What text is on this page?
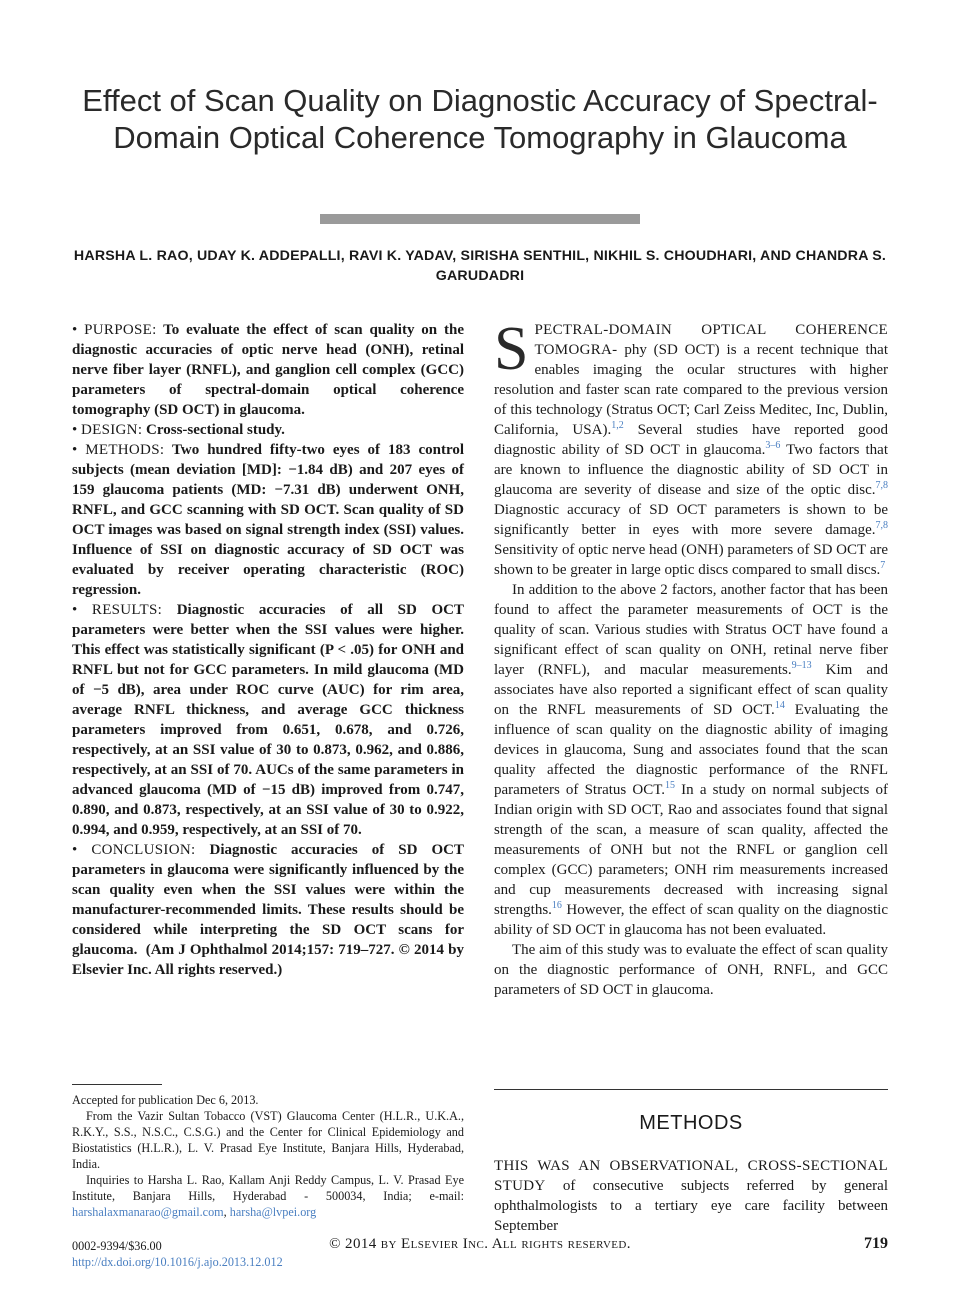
Effect of Scan Quality on Diagnostic Accuracy of Spectral-Domain Optical Coherence Tomography in Glaucoma
HARSHA L. RAO, UDAY K. ADDEPALLI, RAVI K. YADAV, SIRISHA SENTHIL, NIKHIL S. CHOUDHARI, AND CHANDRA S. GARUDADRI

• PURPOSE: To evaluate the effect of scan quality on the diagnostic accuracies of optic nerve head (ONH), retinal nerve fiber layer (RNFL), and ganglion cell complex (GCC) parameters of spectral-domain optical coherence tomography (SD OCT) in glaucoma.

• DESIGN: Cross-sectional study.

• METHODS: Two hundred fifty-two eyes of 183 control subjects (mean deviation [MD]: −1.84 dB) and 207 eyes of 159 glaucoma patients (MD: −7.31 dB) underwent ONH, RNFL, and GCC scanning with SD OCT. Scan quality of SD OCT images was based on signal strength index (SSI) values. Influence of SSI on diagnostic accuracy of SD OCT was evaluated by receiver operating characteristic (ROC) regression.

• RESULTS: Diagnostic accuracies of all SD OCT parameters were better when the SSI values were higher. This effect was statistically significant (P < .05) for ONH and RNFL but not for GCC parameters. In mild glaucoma (MD of −5 dB), area under ROC curve (AUC) for rim area, average RNFL thickness, and average GCC thickness parameters improved from 0.651, 0.678, and 0.726, respectively, at an SSI value of 30 to 0.873, 0.962, and 0.886, respectively, at an SSI of 70. AUCs of the same parameters in advanced glaucoma (MD of −15 dB) improved from 0.747, 0.890, and 0.873, respectively, at an SSI value of 30 to 0.922, 0.994, and 0.959, respectively, at an SSI of 70.

• CONCLUSION: Diagnostic accuracies of SD OCT parameters in glaucoma were significantly influenced by the scan quality even when the SSI values were within the manufacturer-recommended limits. These results should be considered while interpreting the SD OCT scans for glaucoma. (Am J Ophthalmol 2014;157: 719–727. © 2014 by Elsevier Inc. All rights reserved.)

SPECTRAL-DOMAIN OPTICAL COHERENCE TOMOGRA- phy (SD OCT) is a recent technique that enables imaging the ocular structures with higher resolution and faster scan rate compared to the previous version of this technology (Stratus OCT; Carl Zeiss Meditec, Inc, Dublin, California, USA).$^{1,2}$ Several studies have reported good diagnostic ability of SD OCT in glaucoma.$^{3-6}$ Two factors that are known to influence the diagnostic ability of SD OCT in glaucoma are severity of disease and size of the optic disc.$^{7,8}$ Diagnostic accuracy of SD OCT parameters is shown to be significantly better in eyes with more severe damage.$^{7,8}$ Sensitivity of optic nerve head (ONH) parameters of SD OCT are shown to be greater in large optic discs compared to small discs.$^7$

In addition to the above 2 factors, another factor that has been found to affect the parameter measurements of OCT is the quality of scan. Various studies with Stratus OCT have found a significant effect of scan quality on ONH, retinal nerve fiber layer (RNFL), and macular measurements.$^{9-13}$ Kim and associates have also reported a significant effect of scan quality on the RNFL measurements of SD OCT.$^{14}$ Evaluating the influence of scan quality on the diagnostic ability of imaging devices in glaucoma, Sung and associates found that the scan quality affected the diagnostic performance of the RNFL parameters of Stratus OCT.$^{15}$ In a study on normal subjects of Indian origin with SD OCT, Rao and associates found that signal strength of the scan, a measure of scan quality, affected the measurements of ONH but not the RNFL or ganglion cell complex (GCC) parameters; ONH rim measurements increased and cup measurements decreased with increasing signal strengths.$^{16}$ However, the effect of scan quality on the diagnostic ability of SD OCT in glaucoma has not been evaluated.

The aim of this study was to evaluate the effect of scan quality on the diagnostic performance of ONH, RNFL, and GCC parameters of SD OCT in glaucoma.

METHODS

THIS WAS AN OBSERVATIONAL, CROSS-SECTIONAL STUDY of consecutive subjects referred by general ophthalmologists to a tertiary eye care facility between September

Accepted for publication Dec 6, 2013.

From the Vazir Sultan Tobacco (VST) Glaucoma Center (H.L.R., U.K.A., R.K.Y., S.S., N.S.C., C.S.G.) and the Center for Clinical Epidemiology and Biostatistics (H.L.R.), L. V. Prasad Eye Institute, Banjara Hills, Hyderabad, India.

Inquiries to Harsha L. Rao, Kallam Anji Reddy Campus, L. V. Prasad Eye Institute, Banjara Hills, Hyderabad - 500034, India; e-mail: harshalaxmanarao@gmail.com, harsha@lvpei.org

0002-9394/$36.00
http://dx.doi.org/10.1016/j.ajo.2013.12.012
© 2014 by Elsevier Inc. All rights reserved.	719
